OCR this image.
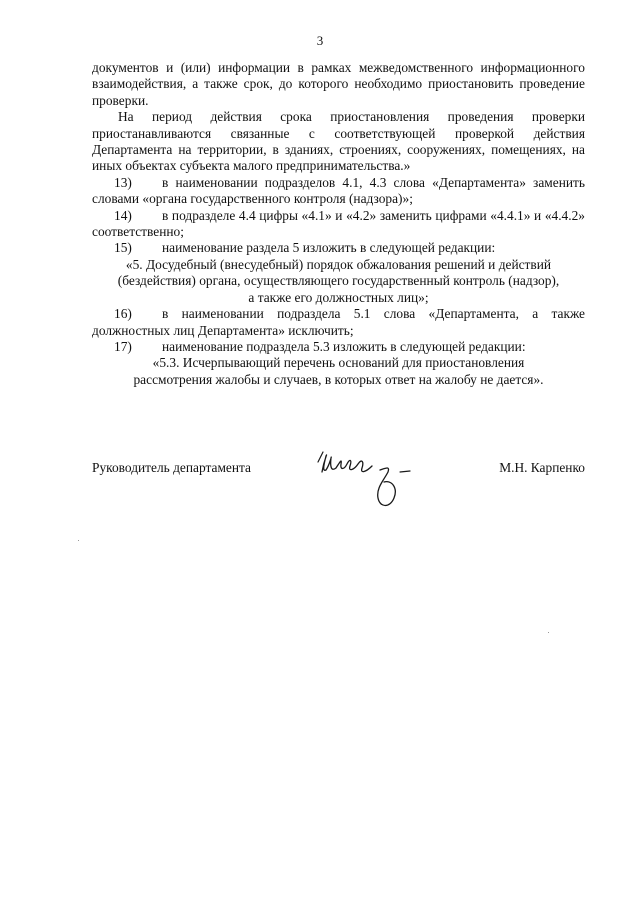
3

документов и (или) информации в рамках межведомственного информационного взаимодействия, а также срок, до которого необходимо приостановить проведение проверки.

На период действия срока приостановления проведения проверки приостанавливаются связанные с соответствующей проверкой действия Департамента на территории, в зданиях, строениях, сооружениях, помещениях, на иных объектах субъекта малого предпринимательства.»

13) в наименовании подразделов 4.1, 4.3 слова «Департамента» заменить словами «органа государственного контроля (надзора)»;

14) в подразделе 4.4 цифры «4.1» и «4.2» заменить цифрами «4.4.1» и «4.4.2» соответственно;

15) наименование раздела 5 изложить в следующей редакции:

«5. Досудебный (внесудебный) порядок обжалования решений и действий

(бездействия) органа, осуществляющего государственный контроль (надзор),

а также его должностных лиц»;

16) в наименовании подраздела 5.1 слова «Департамента, а также должностных лиц Департамента» исключить;

17) наименование подраздела 5.3 изложить в следующей редакции:

«5.3. Исчерпывающий перечень оснований для приостановления

рассмотрения жалобы и случаев, в которых ответ на жалобу не дается».

Руководитель департамента	М.Н. Карпенко
